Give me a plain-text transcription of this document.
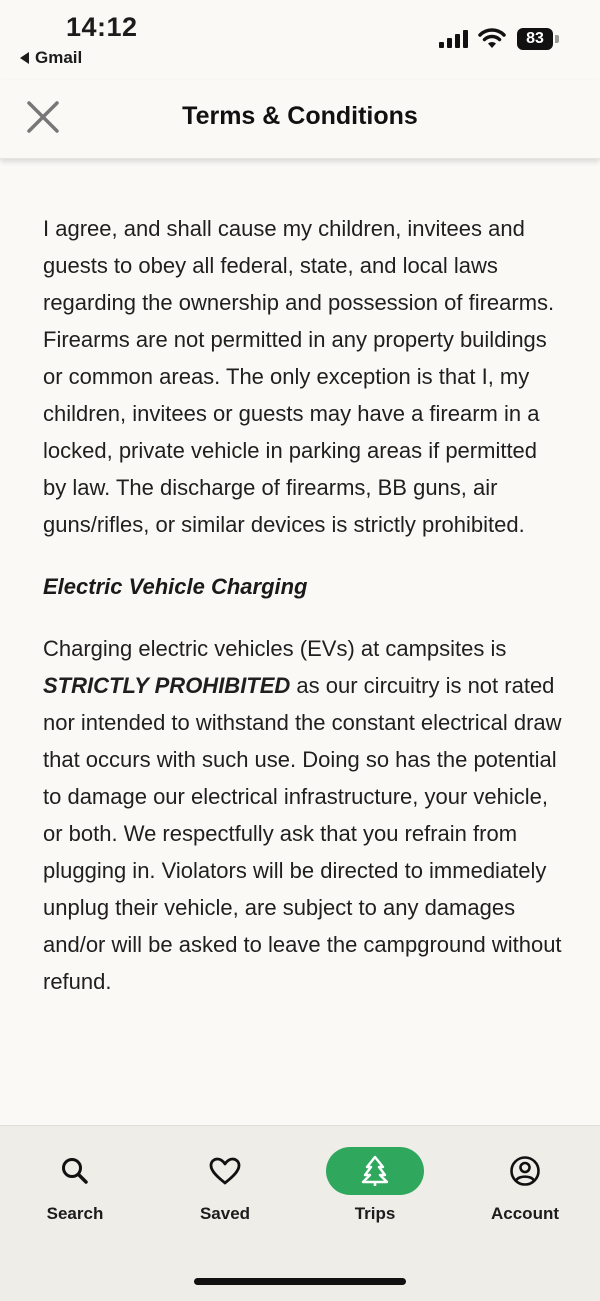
14:12
Gmail
83
Terms & Conditions

I agree, and shall cause my children, invitees and guests to obey all federal, state, and local laws regarding the ownership and possession of firearms. Firearms are not permitted in any property buildings or common areas. The only exception is that I, my children, invitees or guests may have a firearm in a locked, private vehicle in parking areas if permitted by law. The discharge of firearms, BB guns, air guns/rifles, or similar devices is strictly prohibited.

Electric Vehicle Charging

Charging electric vehicles (EVs) at campsites is STRICTLY PROHIBITED as our circuitry is not rated nor intended to withstand the constant electrical draw that occurs with such use. Doing so has the potential to damage our electrical infrastructure, your vehicle, or both. We respectfully ask that you refrain from plugging in. Violators will be directed to immediately unplug their vehicle, are subject to any damages and/or will be asked to leave the campground without refund.

Search	Saved	Trips	Account
